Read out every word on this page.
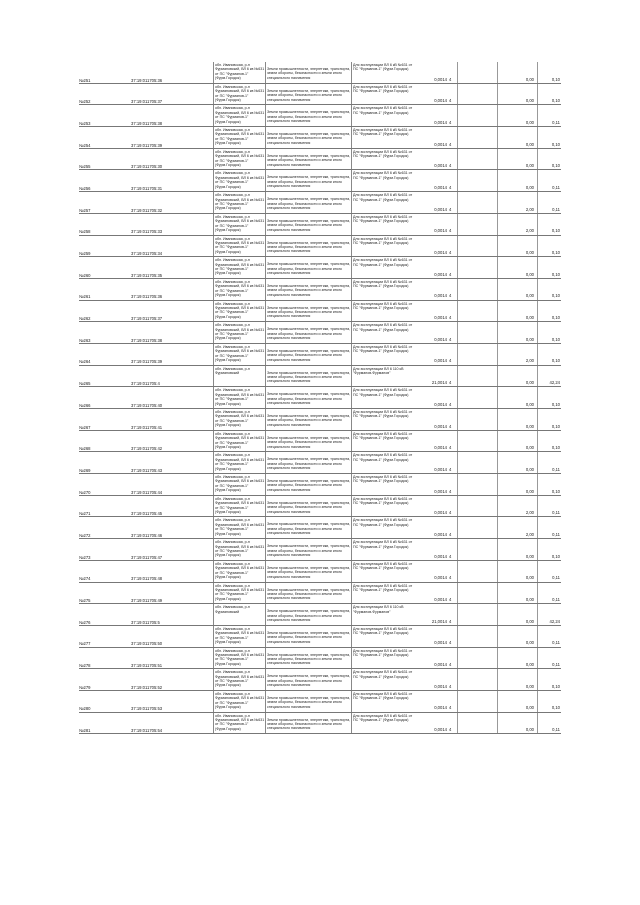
№251	37:19:011705:36
обл. Ивановская, р-н Фурмановский, ВЛ 6 кв №631 от ПС "Фурманов-1" (Фурм.Городок)
Земли промышленности, энергетики, транспорта, земли обороны, безопасности и земли иного специального назначения
Для эксплуатации ВЛ 6 кВ №631 от ПС "Фурманов-1" (Фурм.Городок)
0,0014 4	0,00	0,10
№252	37:19:011705:37
обл. Ивановская, р-н Фурмановский, ВЛ 6 кв №631 от ПС "Фурманов-1" (Фурм.Городок)
Земли промышленности, энергетики, транспорта, земли обороны, безопасности и земли иного специального назначения
Для эксплуатации ВЛ 6 кВ №631 от ПС "Фурманов-1" (Фурм.Городок)
0,0014 4	0,00	0,10
№253	37:19:011705:38
обл. Ивановская, р-н Фурмановский, ВЛ 6 кв №631 от ПС "Фурманов-1" (Фурм.Городок)
Земли промышленности, энергетики, транспорта, земли обороны, безопасности и земли иного специального назначения
Для эксплуатации ВЛ 6 кВ №631 от ПС "Фурманов-1" (Фурм.Городок)
0,0014 4	0,00	0,11
№254	37:19:011705:39
обл. Ивановская, р-н Фурмановский, ВЛ 6 кв №631 от ПС "Фурманов-1" (Фурм.Городок)
Земли промышленности, энергетики, транспорта, земли обороны, безопасности и земли иного специального назначения
Для эксплуатации ВЛ 6 кВ №631 от ПС "Фурманов-1" (Фурм.Городок)
0,0014 4	0,00	0,10
№255	37:19:011705:30
обл. Ивановская, р-н Фурмановский, ВЛ 6 кв №631 от ПС "Фурманов-1" (Фурм.Городок)
Земли промышленности, энергетики, транспорта, земли обороны, безопасности и земли иного специального назначения
Для эксплуатации ВЛ 6 кВ №631 от ПС "Фурманов-1" (Фурм.Городок)
0,0014 4	0,00	0,10
№256	37:19:011705:31
обл. Ивановская, р-н Фурмановский, ВЛ 6 кв №631 от ПС "Фурманов-1" (Фурм.Городок)
Земли промышленности, энергетики, транспорта, земли обороны, безопасности и земли иного специального назначения
Для эксплуатации ВЛ 6 кВ №631 от ПС "Фурманов-1" (Фурм.Городок)
0,0014 4	0,00	0,11
№257	37:19:011705:32
обл. Ивановская, р-н Фурмановский, ВЛ 6 кв №631 от ПС "Фурманов-1" (Фурм.Городок)
Земли промышленности, энергетики, транспорта, земли обороны, безопасности и земли иного специального назначения
Для эксплуатации ВЛ 6 кВ №631 от ПС "Фурманов-1" (Фурм.Городок)
0,0014 4	2,00	0,11
№258	37:19:011705:33
обл. Ивановская, р-н Фурмановский, ВЛ 6 кв №631 от ПС "Фурманов-1" (Фурм.Городок)
Земли промышленности, энергетики, транспорта, земли обороны, безопасности и земли иного специального назначения
Для эксплуатации ВЛ 6 кВ №631 от ПС "Фурманов-1" (Фурм.Городок)
0,0014 4	2,00	0,10
№259	37:19:011705:34
обл. Ивановская, р-н Фурмановский, ВЛ 6 кв №631 от ПС "Фурманов-1" (Фурм.Городок)
Земли промышленности, энергетики, транспорта, земли обороны, безопасности и земли иного специального назначения
Для эксплуатации ВЛ 6 кВ №631 от ПС "Фурманов-1" (Фурм.Городок)
0,0014 4	0,00	0,10
№260	37:19:011705:35
обл. Ивановская, р-н Фурмановский, ВЛ 6 кв №631 от ПС "Фурманов-1" (Фурм.Городок)
Земли промышленности, энергетики, транспорта, земли обороны, безопасности и земли иного специального назначения
Для эксплуатации ВЛ 6 кВ №631 от ПС "Фурманов-1" (Фурм.Городок)
0,0014 4	0,00	0,10
№261	37:19:011705:36
обл. Ивановская, р-н Фурмановский, ВЛ 6 кв №631 от ПС "Фурманов-1" (Фурм.Городок)
Земли промышленности, энергетики, транспорта, земли обороны, безопасности и земли иного специального назначения
Для эксплуатации ВЛ 6 кВ №631 от ПС "Фурманов-1" (Фурм.Городок)
0,0014 4	0,00	0,10
№262	37:19:011705:37
обл. Ивановская, р-н Фурмановский, ВЛ 6 кв №631 от ПС "Фурманов-1" (Фурм.Городок)
Земли промышленности, энергетики, транспорта, земли обороны, безопасности и земли иного специального назначения
Для эксплуатации ВЛ 6 кВ №631 от ПС "Фурманов-1" (Фурм.Городок)
0,0014 4	0,00	0,10
№263	37:19:011705:38
обл. Ивановская, р-н Фурмановский, ВЛ 6 кв №631 от ПС "Фурманов-1" (Фурм.Городок)
Земли промышленности, энергетики, транспорта, земли обороны, безопасности и земли иного специального назначения
Для эксплуатации ВЛ 6 кВ №631 от ПС "Фурманов-1" (Фурм.Городок)
0,0014 4	0,00	0,10
№264	37:19:011705:39
обл. Ивановская, р-н Фурмановский, ВЛ 6 кв №631 от ПС "Фурманов-1" (Фурм.Городок)
Земли промышленности, энергетики, транспорта, земли обороны, безопасности и земли иного специального назначения
Для эксплуатации ВЛ 6 кВ №631 от ПС "Фурманов-1" (Фурм.Городок)
0,0014 4	2,00	0,10
№265	37:19:011705:4
обл. Ивановская, р-н Фурмановский	Земли промышленности, энергетики, транспорта, земли обороны, безопасности и земли иного специального назначения
Для эксплуатации ВЛ 6 110 кВ "Фурманов-Фурманов"
21,0014 4	0,00	42,24
№266	37:19:011705:40
обл. Ивановская, р-н Фурмановский, ВЛ 6 кв №631 от ПС "Фурманов-1" (Фурм.Городок)
Земли промышленности, энергетики, транспорта, земли обороны, безопасности и земли иного специального назначения
Для эксплуатации ВЛ 6 кВ №631 от ПС "Фурманов-1" (Фурм.Городок)
0,0014 4	0,00	0,10
№267	37:19:011705:41
обл. Ивановская, р-н Фурмановский, ВЛ 6 кв №631 от ПС "Фурманов-1" (Фурм.Городок)
Земли промышленности, энергетики, транспорта, земли обороны, безопасности и земли иного специального назначения
Для эксплуатации ВЛ 6 кВ №631 от ПС "Фурманов-1" (Фурм.Городок)
0,0014 4	0,00	0,10
№268	37:19:011705:42
обл. Ивановская, р-н Фурмановский, ВЛ 6 кв №631 от ПС "Фурманов-1" (Фурм.Городок)
Земли промышленности, энергетики, транспорта, земли обороны, безопасности и земли иного специального назначения
Для эксплуатации ВЛ 6 кВ №631 от ПС "Фурманов-1" (Фурм.Городок)
0,0014 4	0,00	0,10
№269	37:19:011705:43
обл. Ивановская, р-н Фурмановский, ВЛ 6 кв №631 от ПС "Фурманов-1" (Фурм.Городок)
Земли промышленности, энергетики, транспорта, земли обороны, безопасности и земли иного специального назначения
Для эксплуатации ВЛ 6 кВ №631 от ПС "Фурманов-1" (Фурм.Городок)
0,0014 4	0,00	0,11
№270	37:19:011705:44
обл. Ивановская, р-н Фурмановский, ВЛ 6 кв №631 от ПС "Фурманов-1" (Фурм.Городок)
Земли промышленности, энергетики, транспорта, земли обороны, безопасности и земли иного специального назначения
Для эксплуатации ВЛ 6 кВ №631 от ПС "Фурманов-1" (Фурм.Городок)
0,0014 4	0,00	0,10
№271	37:19:011705:45
обл. Ивановская, р-н Фурмановский, ВЛ 6 кв №631 от ПС "Фурманов-1" (Фурм.Городок)
Земли промышленности, энергетики, транспорта, земли обороны, безопасности и земли иного специального назначения
Для эксплуатации ВЛ 6 кВ №631 от ПС "Фурманов-1" (Фурм.Городок)
0,0014 4	2,00	0,11
№272	37:19:011705:46
обл. Ивановская, р-н Фурмановский, ВЛ 6 кв №631 от ПС "Фурманов-1" (Фурм.Городок)
Земли промышленности, энергетики, транспорта, земли обороны, безопасности и земли иного специального назначения
Для эксплуатации ВЛ 6 кВ №631 от ПС "Фурманов-1" (Фурм.Городок)
0,0014 4	2,00	0,11
№273	37:19:011705:47
обл. Ивановская, р-н Фурмановский, ВЛ 6 кв №631 от ПС "Фурманов-1" (Фурм.Городок)
Земли промышленности, энергетики, транспорта, земли обороны, безопасности и земли иного специального назначения
Для эксплуатации ВЛ 6 кВ №631 от ПС "Фурманов-1" (Фурм.Городок)
0,0014 4	0,00	0,10
№274	37:19:011705:48
обл. Ивановская, р-н Фурмановский, ВЛ 6 кв №631 от ПС "Фурманов-1" (Фурм.Городок)
Земли промышленности, энергетики, транспорта, земли обороны, безопасности и земли иного специального назначения
Для эксплуатации ВЛ 6 кВ №631 от ПС "Фурманов-1" (Фурм.Городок)
0,0014 4	0,00	0,11
№275	37:19:011705:49
обл. Ивановская, р-н Фурмановский, ВЛ 6 кв №631 от ПС "Фурманов-1" (Фурм.Городок)
Земли промышленности, энергетики, транспорта, земли обороны, безопасности и земли иного специального назначения
Для эксплуатации ВЛ 6 кВ №631 от ПС "Фурманов-1" (Фурм.Городок)
0,0014 4	0,00	0,11
№276	37:19:011705:5
обл. Ивановская, р-н Фурмановский	Земли промышленности, энергетики, транспорта, земли обороны, безопасности и земли иного специального назначения
Для эксплуатации ВЛ 6 110 кВ "Фурманов-Фурманов"
21,0014 4	0,00	42,24
№277	37:19:011705:50
обл. Ивановская, р-н Фурмановский, ВЛ 6 кв №631 от ПС "Фурманов-1" (Фурм.Городок)
Земли промышленности, энергетики, транспорта, земли обороны, безопасности и земли иного специального назначения
Для эксплуатации ВЛ 6 кВ №631 от ПС "Фурманов-1" (Фурм.Городок)
0,0014 4	0,00	0,11
№278	37:19:011705:51
обл. Ивановская, р-н Фурмановский, ВЛ 6 кв №631 от ПС "Фурманов-1" (Фурм.Городок)
Земли промышленности, энергетики, транспорта, земли обороны, безопасности и земли иного специального назначения
Для эксплуатации ВЛ 6 кВ №631 от ПС "Фурманов-1" (Фурм.Городок)
0,0014 4	0,00	0,11
№279	37:19:011705:52
обл. Ивановская, р-н Фурмановский, ВЛ 6 кв №631 от ПС "Фурманов-1" (Фурм.Городок)
Земли промышленности, энергетики, транспорта, земли обороны, безопасности и земли иного специального назначения
Для эксплуатации ВЛ 6 кВ №631 от ПС "Фурманов-1" (Фурм.Городок)
0,0014 4	0,00	0,10
№280	37:19:011705:53
обл. Ивановская, р-н Фурмановский, ВЛ 6 кв №631 от ПС "Фурманов-1" (Фурм.Городок)
Земли промышленности, энергетики, транспорта, земли обороны, безопасности и земли иного специального назначения
Для эксплуатации ВЛ 6 кВ №631 от ПС "Фурманов-1" (Фурм.Городок)
0,0014 4	0,00	0,10
№281	37:19:011705:54
обл. Ивановская, р-н Фурмановский, ВЛ 6 кв №631 от ПС "Фурманов-1" (Фурм.Городок)
Земли промышленности, энергетики, транспорта, земли обороны, безопасности и земли иного специального назначения
Для эксплуатации ВЛ 6 кВ №631 от ПС "Фурманов-1" (Фурм.Городок)
0,0014 4	0,00	0,11
